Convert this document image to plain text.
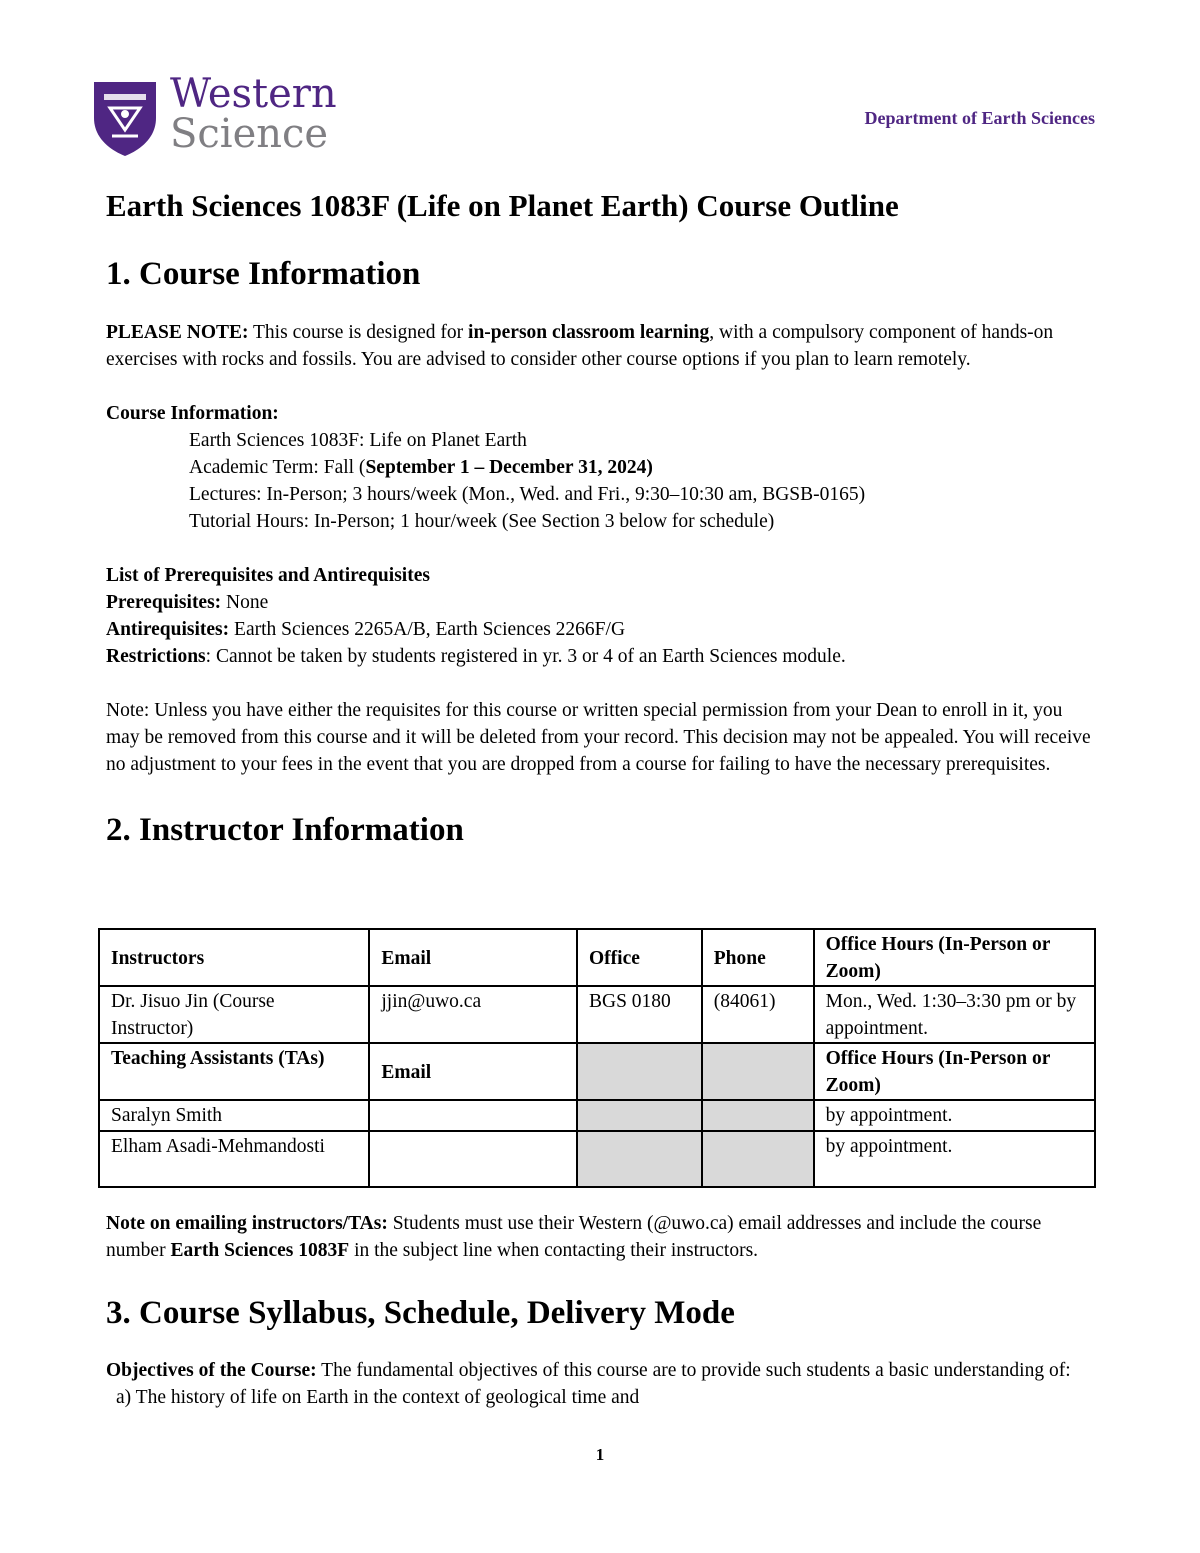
Western
Science	Department of Earth Sciences
Earth Sciences 1083F (Life on Planet Earth) Course Outline
1. Course Information

PLEASE NOTE: This course is designed for in-person classroom learning, with a compulsory component of hands-on exercises with rocks and fossils. You are advised to consider other course options if you plan to learn remotely.

Course Information:

Earth Sciences 1083F: Life on Planet Earth

Academic Term: Fall (September 1 – December 31, 2024)

Lectures: In-Person; 3 hours/week (Mon., Wed. and Fri., 9:30–10:30 am, BGSB-0165)

Tutorial Hours: In-Person; 1 hour/week (See Section 3 below for schedule)

List of Prerequisites and Antirequisites

Prerequisites: None

Antirequisites: Earth Sciences 2265A/B, Earth Sciences 2266F/G

Restrictions: Cannot be taken by students registered in yr. 3 or 4 of an Earth Sciences module.

Note: Unless you have either the requisites for this course or written special permission from your Dean to enroll in it, you may be removed from this course and it will be deleted from your record. This decision may not be appealed. You will receive no adjustment to your fees in the event that you are dropped from a course for failing to have the necessary prerequisites.

2. Instructor Information
Instructors	Email	Office	Phone	Office Hours (In-Person or Zoom)
Dr. Jisuo Jin (Course Instructor)	jjin@uwo.ca	BGS 0180	(84061)	Mon., Wed. 1:30–3:30 pm or by appointment.
Teaching Assistants (TAs)	Email			Office Hours (In-Person or Zoom)
Saralyn Smith				by appointment.
Elham Asadi-Mehmandosti				by appointment.

Note on emailing instructors/TAs: Students must use their Western (@uwo.ca) email addresses and include the course number Earth Sciences 1083F in the subject line when contacting their instructors.

3. Course Syllabus, Schedule, Delivery Mode

Objectives of the Course: The fundamental objectives of this course are to provide such students a basic understanding of:

a) The history of life on Earth in the context of geological time and

1
